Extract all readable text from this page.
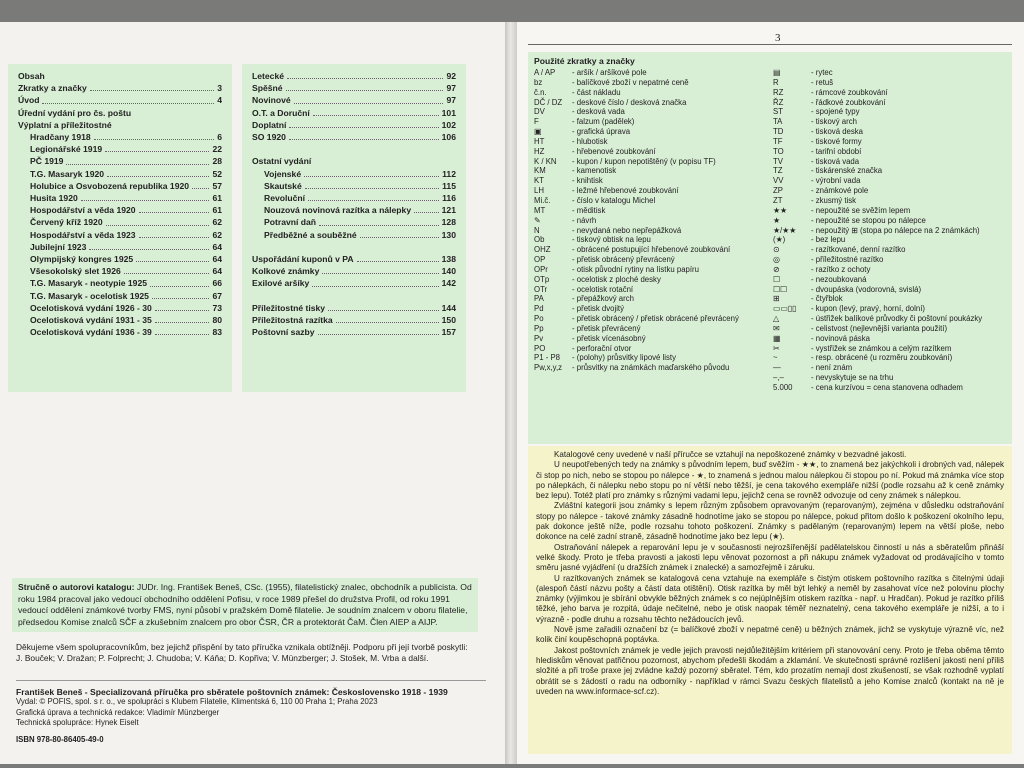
Obsah
Zkratky a značky	3
Úvod	4
Úřední vydání pro čs. poštu
Výplatní a příležitostné
Hradčany 1918	6
Legionářské 1919	22
PČ 1919	28
T.G. Masaryk 1920	52
Holubice a Osvobozená republika 1920	57
Husita 1920	61
Hospodářství a věda 1920	61
Červený kříž 1920	62
Hospodářství a věda 1923	62
Jubilejní 1923	64
Olympijský kongres 1925	64
Všesokolský slet 1926	64
T.G. Masaryk - neotypie 1925	66
T.G. Masaryk - ocelotisk 1925	67
Ocelotisková vydání 1926 - 30	73
Ocelotisková vydání 1931 - 35	80
Ocelotisková vydání 1936 - 39	83
Letecké	92
Spěšné	97
Novinové	97
O.T. a Doruční	101
Doplatní	102
SO 1920	106

Ostatní vydání
Vojenské	112
Skautské	115
Revoluční	116
Nouzová novinová razítka a nálepky	121
Potravní daň	128
Předběžné a souběžné	130

Uspořádání kuponů v PA	138
Kolkové známky	140
Exilové aršíky	142

Příležitostné tisky	144
Příležitostná razítka	150
Poštovní sazby	157
Stručně o autorovi katalogu: JUDr. Ing. František Beneš, CSc. (1955), filatelistický znalec, obchodník a publicista. Od roku 1984 pracoval jako vedoucí obchodního oddělení Pofisu, v roce 1989 přešel do družstva Profil, od roku 1991 vedoucí oddělení známkové tvorby FMS, nyní působí v pražském Domě filatelie. Je soudním znalcem v oboru filatelie, předsedou Komise znalců SČF a zkušebním znalcem pro obor ČSR, ČR a protektorát ČaM. Člen AIEP a AIJP.
Děkujeme všem spolupracovníkům, bez jejichž přispění by tato příručka vznikala obtížněji. Podporu při její tvorbě poskytli: J. Bouček; V. Dražan; P. Folprecht; J. Chudoba; V. Káňa; D. Kopřiva; V. Münzberger; J. Stošek, M. Vrba a další.
František Beneš - Specializovaná příručka pro sběratele poštovních známek: Československo 1918 - 1939
Vydal: © POFIS, spol. s r. o., ve spolupráci s Klubem Filatelie, Klimentská 6, 110 00 Praha 1; Praha 2023
Grafická úprava a technická redakce: Vladimír Münzberger
Technická spolupráce: Hynek Eiselt
ISBN 978-80-86405-49-0
3
Použité zkratky a značky
A / AP	- aršík / aršíkové pole
bz	- balíčkové zboží v nepatrné ceně
č.n.	- část nákladu
DČ / DZ	- deskové číslo / desková značka
DV	- desková vada
F	- falzum (padělek)
▣	- grafická úprava
HT	- hlubotisk
HZ	- hřebenové zoubkování
K / KN	- kupon / kupon nepotištěný (v popisu TF)
KM	- kamenotisk
KT	- knihtisk
LH	- ležmé hřebenové zoubkování
Mi.č.	- číslo v katalogu Michel
MT	- měditisk
✎	- návrh
N	- nevydaná nebo nepřepážková
Ob	- tiskový obtisk na lepu
OHZ	- obrácené postupující hřebenové zoubkování
OP	- přetisk obrácený převrácený
OPr	- otisk původní rytiny na lístku papíru
OTp	- ocelotisk z ploché desky
OTr	- ocelotisk rotační
PA	- přepážkový arch
Pd	- přetisk dvojitý
Po	- přetisk obrácený / přetisk obrácené převrácený
Pp	- přetisk převrácený
Pv	- přetisk vícenásobný
PO	- perforační otvor
P1 - P8	- (polohy) průsvitky lipové listy
Pw,x,y,z	- průsvitky na známkách maďarského původu
▤	- rytec
R	- retuš
RZ	- rámcové zoubkování
ŘZ	- řádkové zoubkování
ST	- spojené typy
TA	- tiskový arch
TD	- tisková deska
TF	- tiskové formy
TO	- tarifní období
TV	- tisková vada
TZ	- tiskárenské značka
VV	- výrobní vada
ZP	- známkové pole
ZT	- zkusmý tisk
★★	- nepoužité se svěžím lepem
★	- nepoužité se stopou po nálepce
★/★★	- nepoužitý ⊞ (stopa po nálepce na 2 známkách)
(★)	- bez lepu
⊙	- razítkované, denní razítko
◎	- příležitostné razítko
⊘	- razítko z ochoty
☐	- nezoubkovaná
☐☐	- dvoupáska (vodorovná, svislá)
⊞	- čtyřblok
▭▭▯▯	- kupon (levý, pravý, horní, dolní)
△	- ústřižek balíkové průvodky či poštovní poukázky
✉	- celistvost (nejlevnější varianta použití)
▦	- novinová páska
✂	- vystřižek se známkou a celým razítkem
~	- resp. obrácené (u rozměru zoubkování)
—	- není znám
–,–	- nevyskytuje se na trhu
5.000	- cena kurzívou = cena stanovena odhadem

Katalogové ceny uvedené v naší příručce se vztahují na nepoškozené známky v bezvadné jakosti.

U neupotřebených tedy na známky s původním lepem, buď svěžím - ★★, to znamená bez jakýchkoli i drobných vad, nálepek či stop po nich, nebo se stopou po nálepce - ★, to znamená s jednou malou nálepkou či stopou po ní. Pokud má známka více stop po nálepkách, či nálepku nebo stopu po ní větší nebo těžší, je cena takového exempláře nižší (podle rozsahu až k ceně známky bez lepu). Totéž platí pro známky s různými vadami lepu, jejichž cena se rovněž odvozuje od ceny známek s nálepkou.

Zvláštní kategorii jsou známky s lepem různým způsobem opravovaným (reparovaným), zejména v důsledku odstraňování stopy po nálepce - takové známky zásadně hodnotíme jako se stopou po nálepce, pokud přitom došlo k poškození okolního lepu, pak dokonce ještě níže, podle rozsahu tohoto poškození. Známky s padělaným (reparovaným) lepem na větší ploše, nebo dokonce na celé zadní straně, zásadně hodnotíme jako bez lepu (★).

Ostraňování nálepek a reparování lepu je v současnosti nejrozšířenější padělatelskou činností u nás a sběratelům přináší velké škody. Proto je třeba pravosti a jakosti lepu věnovat pozornost a při nákupu známek vyžadovat od prodávajícího v tomto směru jasné vyjádření (u dražších známek i znalecké) a samozřejmě i záruku.

U razítkovaných známek se katalogová cena vztahuje na exempláře s čistým otiskem poštovního razítka s čitelnými údaji (alespoň částí názvu pošty a částí data otištění). Otisk razítka by měl být lehký a neměl by zasahovat více než polovinu plochy známky (výjimkou je sbírání obvykle běžných známek s co nejúplnějším otiskem razítka - např. u Hradčan). Pokud je razítko příliš těžké, jeho barva je rozpitá, údaje nečitelné, nebo je otisk naopak téměř neznatelný, cena takového exempláře je nižší, a to i výrazně - podle druhu a rozsahu těchto nežádoucích jevů.

Nově jsme zařadili označení bz (= balíčkové zboží v nepatrné ceně) u běžných známek, jichž se vyskytuje výrazně víc, než kolik činí koupěschopná poptávka.

Jakost poštovních známek je vedle jejich pravosti nejdůležitějším kritériem při stanovování ceny. Proto je třeba oběma těmto hlediskům věnovat patřičnou pozornost, abychom předešli škodám a zklamání. Ve skutečnosti správné rozlišení jakosti není příliš složité a při troše praxe jej zvládne každý pozorný sběratel. Tém, kdo prozatím nemají dost zkušeností, se však rozhodně vyplatí obrátit se s žádostí o radu na odborníky - například v rámci Svazu českých filatelistů a jeho Komise znalců (kontakt na ně je uveden na www.informace-scf.cz).
